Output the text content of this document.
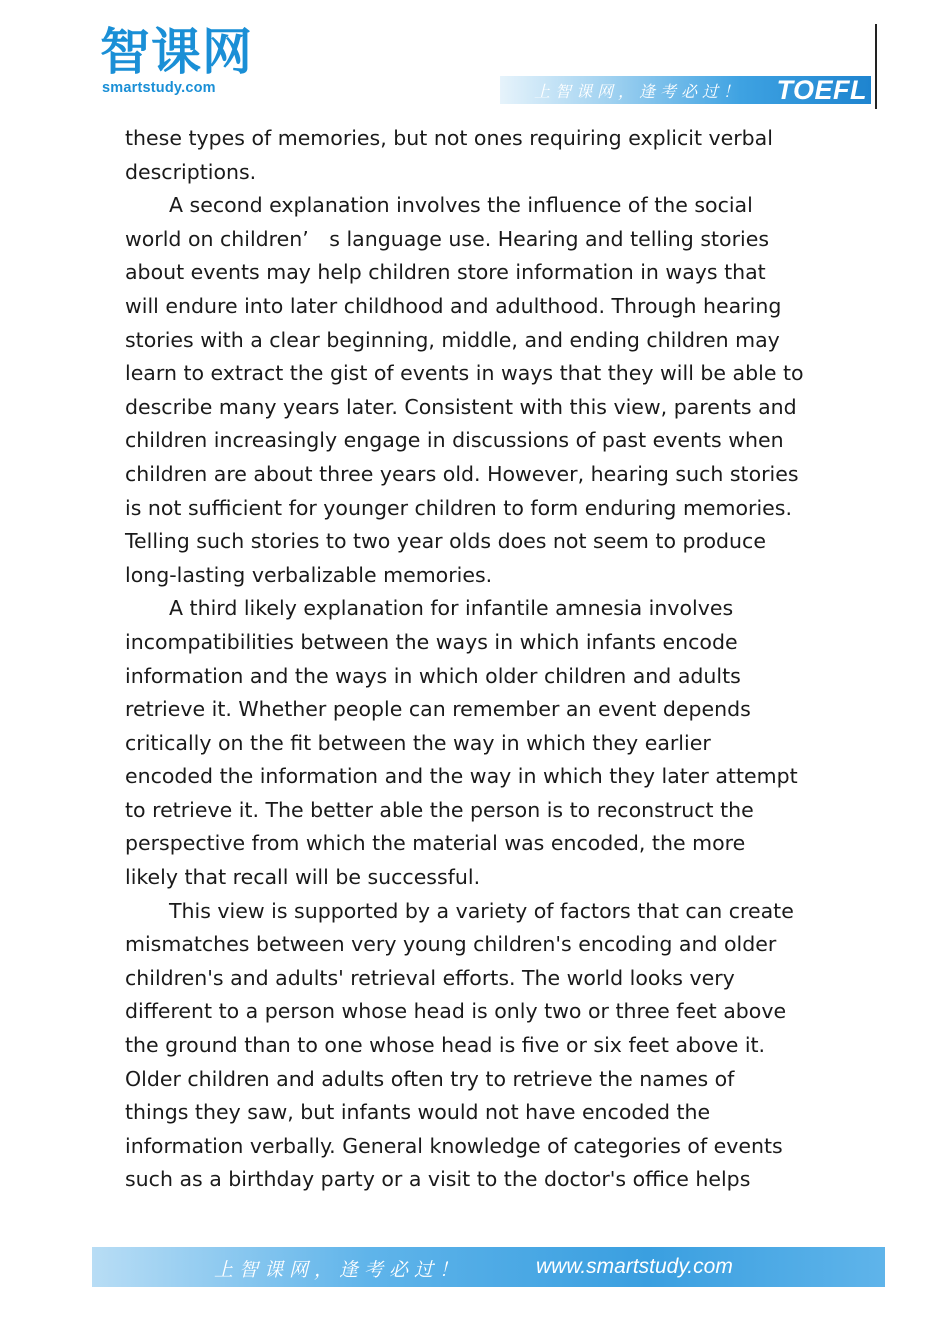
智课网
smartstudy.com	上智课网，逢考必过！ TOEFL

these types of memories, but not ones requiring explicit verbal
descriptions.

A second explanation involves the influence of the social
world on children’　s language use. Hearing and telling stories
about events may help children store information in ways that
will endure into later childhood and adulthood. Through hearing
stories with a clear beginning, middle, and ending children may
learn to extract the gist of events in ways that they will be able to
describe many years later. Consistent with this view, parents and
children increasingly engage in discussions of past events when
children are about three years old. However, hearing such stories
is not sufficient for younger children to form enduring memories.
Telling such stories to two year olds does not seem to produce
long-lasting verbalizable memories.

A third likely explanation for infantile amnesia involves
incompatibilities between the ways in which infants encode
information and the ways in which older children and adults
retrieve it. Whether people can remember an event depends
critically on the fit between the way in which they earlier
encoded the information and the way in which they later attempt
to retrieve it. The better able the person is to reconstruct the
perspective from which the material was encoded, the more
likely that recall will be successful.

This view is supported by a variety of factors that can create
mismatches between very young children's encoding and older
children's and adults' retrieval efforts. The world looks very
different to a person whose head is only two or three feet above
the ground than to one whose head is five or six feet above it.
Older children and adults often try to retrieve the names of
things they saw, but infants would not have encoded the
information verbally. General knowledge of categories of events
such as a birthday party or a visit to the doctor's office helps

上智课网，逢考必过！	www.smartstudy.com
